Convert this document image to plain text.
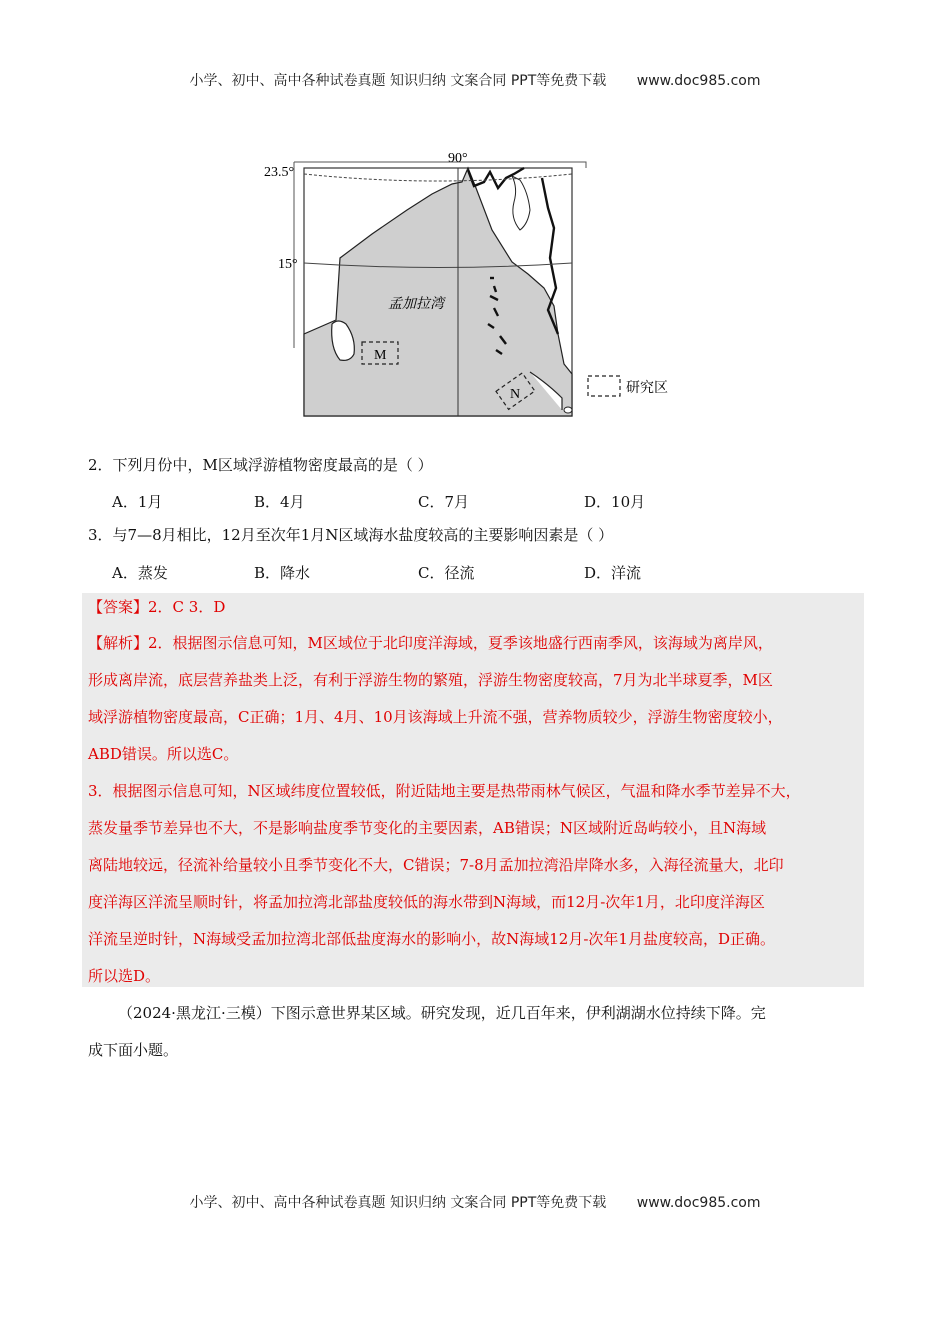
小学、初中、高中各种试卷真题 知识归纳 文案合同 PPT等免费下载 www.doc985.com
23.5°
15°
90°
孟加拉湾
M
N	研究区
2．下列月份中，M区域浮游植物密度最高的是（ ）
A．1月	B．4月	C．7月	D．10月
3．与7—8月相比，12月至次年1月N区域海水盐度较高的主要影响因素是（ ）
A．蒸发	B．降水	C．径流	D．洋流
【答案】2．C 3．D
【解析】2．根据图示信息可知，M区域位于北印度洋海域，夏季该地盛行西南季风，该海域为离岸风，
形成离岸流，底层营养盐类上泛，有利于浮游生物的繁殖，浮游生物密度较高，7月为北半球夏季，M区
域浮游植物密度最高，C正确；1月、4月、10月该海域上升流不强，营养物质较少，浮游生物密度较小，
ABD错误。所以选C。
3．根据图示信息可知，N区域纬度位置较低，附近陆地主要是热带雨林气候区，气温和降水季节差异不大，
蒸发量季节差异也不大，不是影响盐度季节变化的主要因素，AB错误；N区域附近岛屿较小，且N海域
离陆地较远，径流补给量较小且季节变化不大，C错误；7-8月孟加拉湾沿岸降水多，入海径流量大，北印
度洋海区洋流呈顺时针，将孟加拉湾北部盐度较低的海水带到N海域，而12月-次年1月，北印度洋海区
洋流呈逆时针，N海域受孟加拉湾北部低盐度海水的影响小，故N海域12月-次年1月盐度较高，D正确。
所以选D。
（2024·黑龙江·三模）下图示意世界某区域。研究发现，近几百年来，伊利湖湖水位持续下降。完
成下面小题。
小学、初中、高中各种试卷真题 知识归纳 文案合同 PPT等免费下载 www.doc985.com
